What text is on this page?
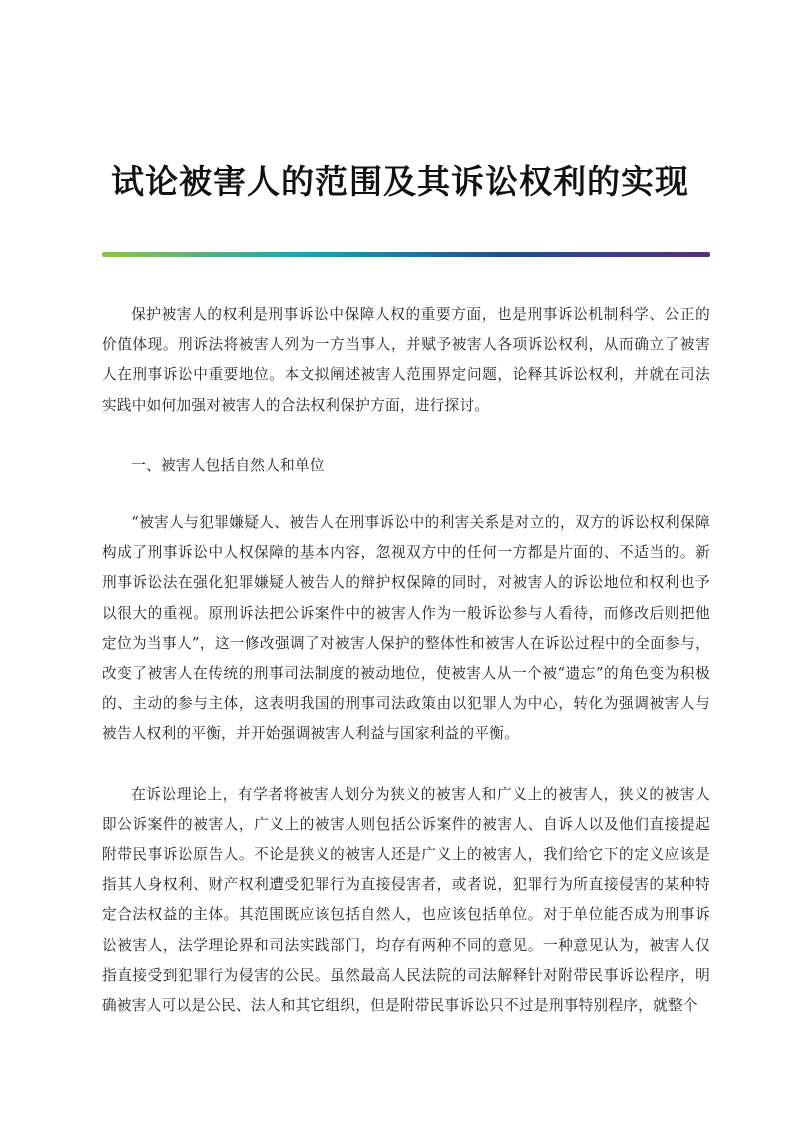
试论被害人的范围及其诉讼权利的实现

保护被害人的权利是刑事诉讼中保障人权的重要方面，也是刑事诉讼机制科学、公正的价值体现。刑诉法将被害人列为一方当事人，并赋予被害人各项诉讼权利，从而确立了被害人在刑事诉讼中重要地位。本文拟阐述被害人范围界定问题，论释其诉讼权利，并就在司法实践中如何加强对被害人的合法权利保护方面，进行探讨。

一、被害人包括自然人和单位

“被害人与犯罪嫌疑人、被告人在刑事诉讼中的利害关系是对立的，双方的诉讼权利保障构成了刑事诉讼中人权保障的基本内容，忽视双方中的任何一方都是片面的、不适当的。新刑事诉讼法在强化犯罪嫌疑人被告人的辩护权保障的同时，对被害人的诉讼地位和权利也予以很大的重视。原刑诉法把公诉案件中的被害人作为一般诉讼参与人看待，而修改后则把他定位为当事人”，这一修改强调了对被害人保护的整体性和被害人在诉讼过程中的全面参与，改变了被害人在传统的刑事司法制度的被动地位，使被害人从一个被“遗忘”的角色变为积极的、主动的参与主体，这表明我国的刑事司法政策由以犯罪人为中心，转化为强调被害人与被告人权利的平衡，并开始强调被害人利益与国家利益的平衡。

在诉讼理论上，有学者将被害人划分为狭义的被害人和广义上的被害人，狭义的被害人即公诉案件的被害人，广义上的被害人则包括公诉案件的被害人、自诉人以及他们直接提起附带民事诉讼原告人。不论是狭义的被害人还是广义上的被害人，我们给它下的定义应该是指其人身权利、财产权利遭受犯罪行为直接侵害者，或者说，犯罪行为所直接侵害的某种特定合法权益的主体。其范围既应该包括自然人，也应该包括单位。对于单位能否成为刑事诉讼被害人，法学理论界和司法实践部门，均存有两种不同的意见。一种意见认为，被害人仅指直接受到犯罪行为侵害的公民。虽然最高人民法院的司法解释针对附带民事诉讼程序，明确被害人可以是公民、法人和其它组织，但是附带民事诉讼只不过是刑事特别程序，就整个
